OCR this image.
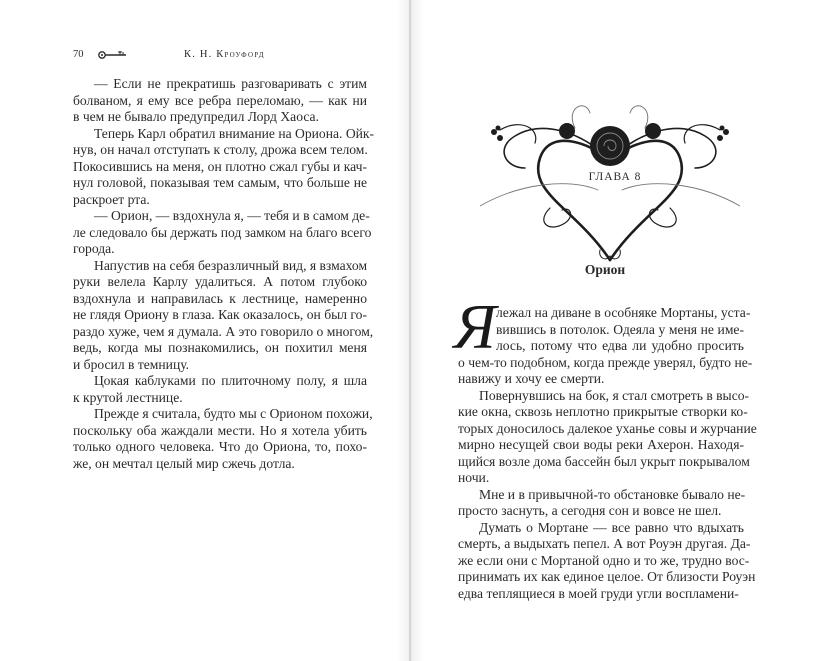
70	К. Н. Кроуфорд
— Если не прекратишь разговаривать с этим
болваном, я ему все ребра переломаю, — как ни
в чем не бывало предупредил Лорд Хаоса.
Теперь Карл обратил внимание на Ориона. Ойк-
нув, он начал отступать к столу, дрожа всем телом.
Покосившись на меня, он плотно сжал губы и кач-
нул головой, показывая тем самым, что больше не
раскроет рта.
— Орион, — вздохнула я, — тебя и в самом де-
ле следовало бы держать под замком на благо всего
города.
Напустив на себя безразличный вид, я взмахом
руки велела Карлу удалиться. А потом глубоко
вздохнула и направилась к лестнице, намеренно
не глядя Ориону в глаза. Как оказалось, он был го-
раздо хуже, чем я думала. А это говорило о многом,
ведь, когда мы познакомились, он похитил меня
и бросил в темницу.
Цокая каблуками по плиточному полу, я шла
к крутой лестнице.
Прежде я считала, будто мы с Орионом похожи,
поскольку оба жаждали мести. Но я хотела убить
только одного человека. Что до Ориона, то, похо-
же, он мечтал целый мир сжечь дотла.
ГЛАВА 8
Орион
Я лежал на диване в особняке Мортаны, уста-
вившись в потолок. Одеяла у меня не име-
лось, потому что едва ли удобно просить
о чем-то подобном, когда прежде уверял, будто не-
навижу и хочу ее смерти.
Повернувшись на бок, я стал смотреть в высо-
кие окна, сквозь неплотно прикрытые створки ко-
торых доносилось далекое уханье совы и журчание
мирно несущей свои воды реки Ахерон. Находя-
щийся возле дома бассейн был укрыт покрывалом
ночи.
Мне и в привычной-то обстановке бывало не-
просто заснуть, а сегодня сон и вовсе не шел.
Думать о Мортане — все равно что вдыхать
смерть, а выдыхать пепел. А вот Роуэн другая. Да-
же если они с Мортаной одно и то же, трудно вос-
принимать их как единое целое. От близости Роуэн
едва теплящиеся в моей груди угли воспламени-
